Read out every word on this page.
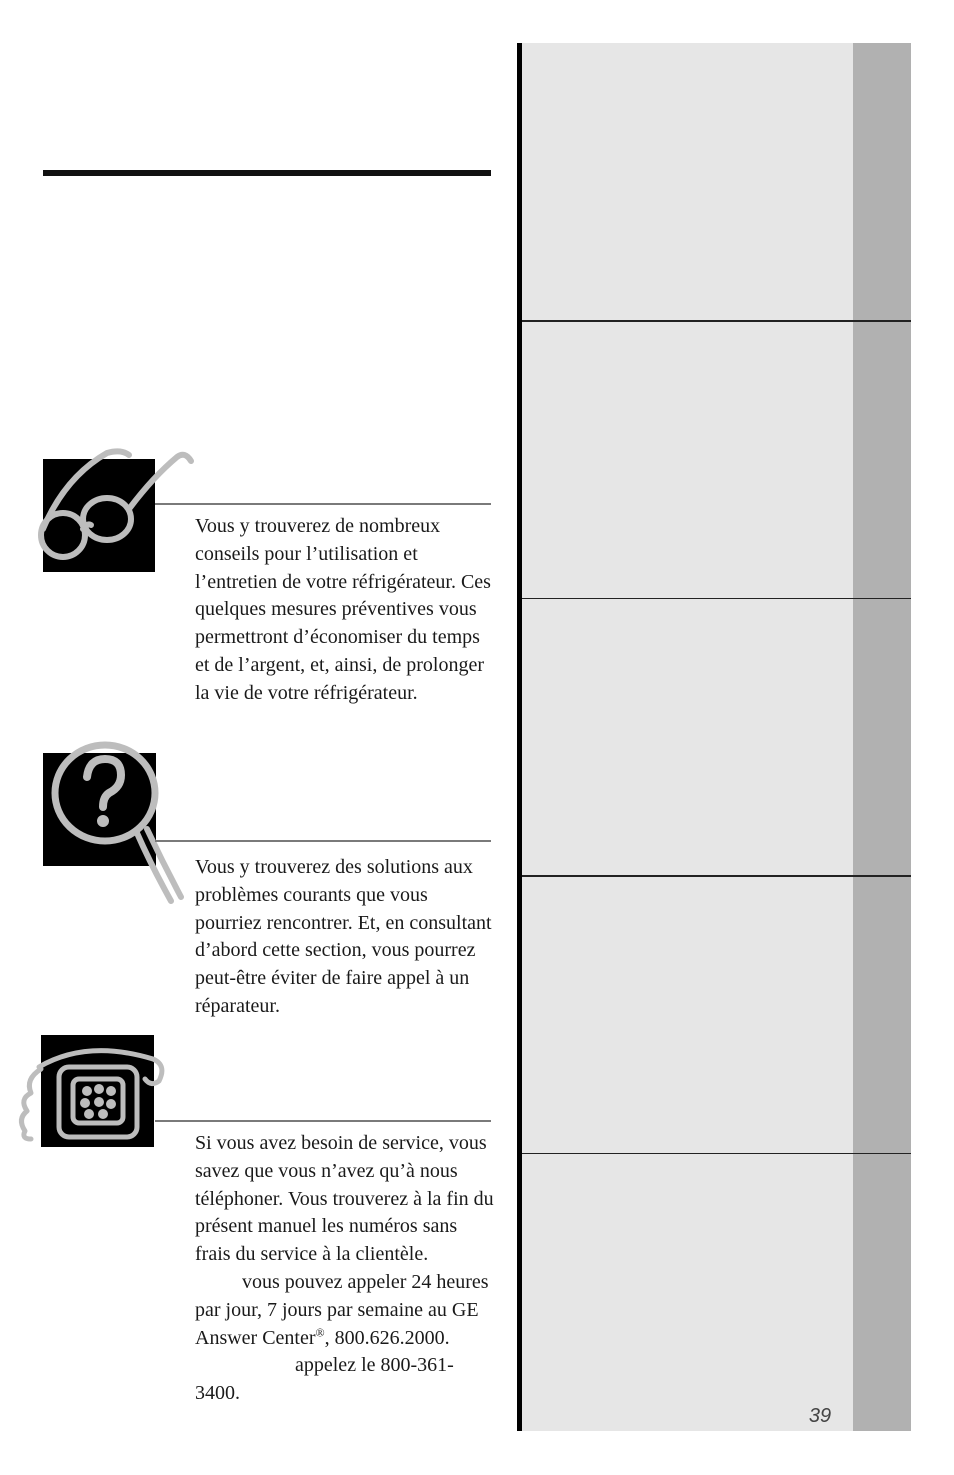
Vous y trouverez de nombreux conseils pour l’utilisation et l’entretien de votre réfrigérateur. Ces quelques mesures préventives vous permettront d’économiser du temps et de l’argent, et, ainsi, de prolonger la vie de votre réfrigérateur.

Vous y trouverez des solutions aux problèmes courants que vous pourriez rencontrer. Et, en consultant d’abord cette section, vous pourrez peut-être éviter de faire appel à un réparateur.

Si vous avez besoin de service, vous savez que vous n’avez qu’à nous téléphoner. Vous trouverez à la fin du présent manuel les numéros sans frais du service à la clientèle.
vous pouvez appeler 24 heures par jour, 7 jours par semaine au GE Answer Center®, 800.626.2000. appelez le 800-361-3400.
39
